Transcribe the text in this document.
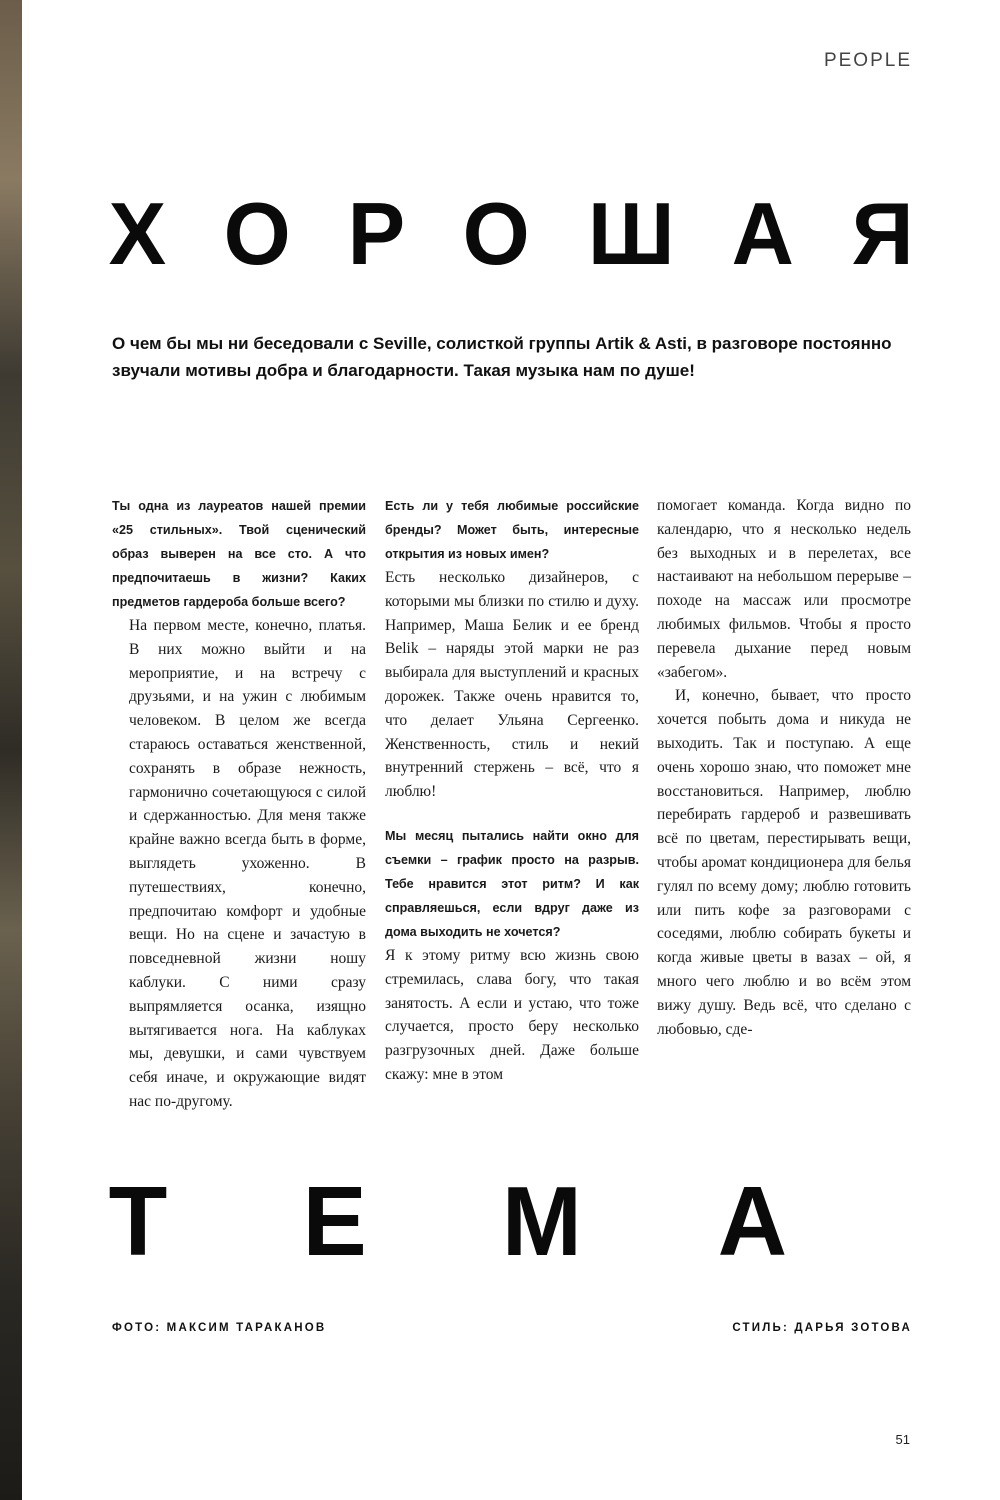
PEOPLE
Х О Р О Ш А Я
О чем бы мы ни беседовали с Seville, солисткой группы Artik & Asti, в разговоре постоянно звучали мотивы добра и благодарности. Такая музыка нам по душе!

Ты одна из лауреатов нашей премии «25 стильных». Твой сценический образ выверен на все сто. А что предпочитаешь в жизни? Каких предметов гардероба больше всего?

На первом месте, конечно, платья. В них можно выйти и на мероприятие, и на встречу с друзьями, и на ужин с любимым человеком. В целом же всегда стараюсь оставаться женственной, сохранять в образе нежность, гармонично сочетающуюся с силой и сдержанностью. Для меня также крайне важно всегда быть в форме, выглядеть ухоженно. В путешествиях, конечно, предпочитаю комфорт и удобные вещи. Но на сцене и зачастую в повседневной жизни ношу каблуки. С ними сразу выпрямляется осанка, изящно вытягивается нога. На каблуках мы, девушки, и сами чувствуем себя иначе, и окружающие видят нас по-другому.

Есть ли у тебя любимые российские бренды? Может быть, интересные открытия из новых имен?

Есть несколько дизайнеров, с которыми мы близки по стилю и духу. Например, Маша Белик и ее бренд Belik – наряды этой марки не раз выбирала для выступлений и красных дорожек. Также очень нравится то, что делает Ульяна Сергеенко. Женственность, стиль и некий внутренний стержень – всё, что я люблю!

Мы месяц пытались найти окно для съемки – график просто на разрыв. Тебе нравится этот ритм? И как справляешься, если вдруг даже из дома выходить не хочется?

Я к этому ритму всю жизнь свою стремилась, слава богу, что такая занятость. А если и устаю, что тоже случается, просто беру несколько разгрузочных дней. Даже больше скажу: мне в этом

помогает команда. Когда видно по календарю, что я несколько недель без выходных и в перелетах, все настаивают на небольшом перерыве – походе на массаж или просмотре любимых фильмов. Чтобы я просто перевела дыхание перед новым «забегом».

И, конечно, бывает, что просто хочется побыть дома и никуда не выходить. Так и поступаю. А еще очень хорошо знаю, что поможет мне восстановиться. Например, люблю перебирать гардероб и развешивать всё по цветам, перестирывать вещи, чтобы аромат кондиционера для белья гулял по всему дому; люблю готовить или пить кофе за разговорами с соседями, люблю собирать букеты и когда живые цветы в вазах – ой, я много чего люблю и во всём этом вижу душу. Ведь всё, что сделано с любовью, сде-

Т Е М А
ФОТО: МАКСИМ ТАРАКАНОВ	СТИЛЬ: ДАРЬЯ ЗОТОВА
51
